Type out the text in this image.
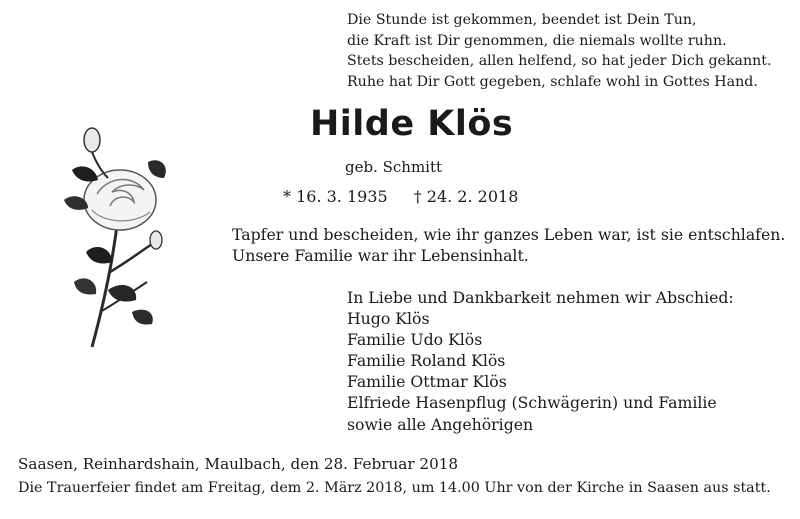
Die Stunde ist gekommen, beendet ist Dein Tun,
die Kraft ist Dir genommen, die niemals wollte ruhn.
Stets bescheiden, allen helfend, so hat jeder Dich gekannt.
Ruhe hat Dir Gott gegeben, schlafe wohl in Gottes Hand.
Hilde Klös
geb. Schmitt
* 16. 3. 1935 † 24. 2. 2018
Tapfer und bescheiden, wie ihr ganzes Leben war, ist sie entschlafen.
Unsere Familie war ihr Lebensinhalt.
In Liebe und Dankbarkeit nehmen wir Abschied:
Hugo Klös
Familie Udo Klös
Familie Roland Klös
Familie Ottmar Klös
Elfriede Hasenpflug (Schwägerin) und Familie
sowie alle Angehörigen
Saasen, Reinhardshain, Maulbach, den 28. Februar 2018
Die Trauerfeier findet am Freitag, dem 2. März 2018, um 14.00 Uhr von der Kirche in Saasen aus statt.
